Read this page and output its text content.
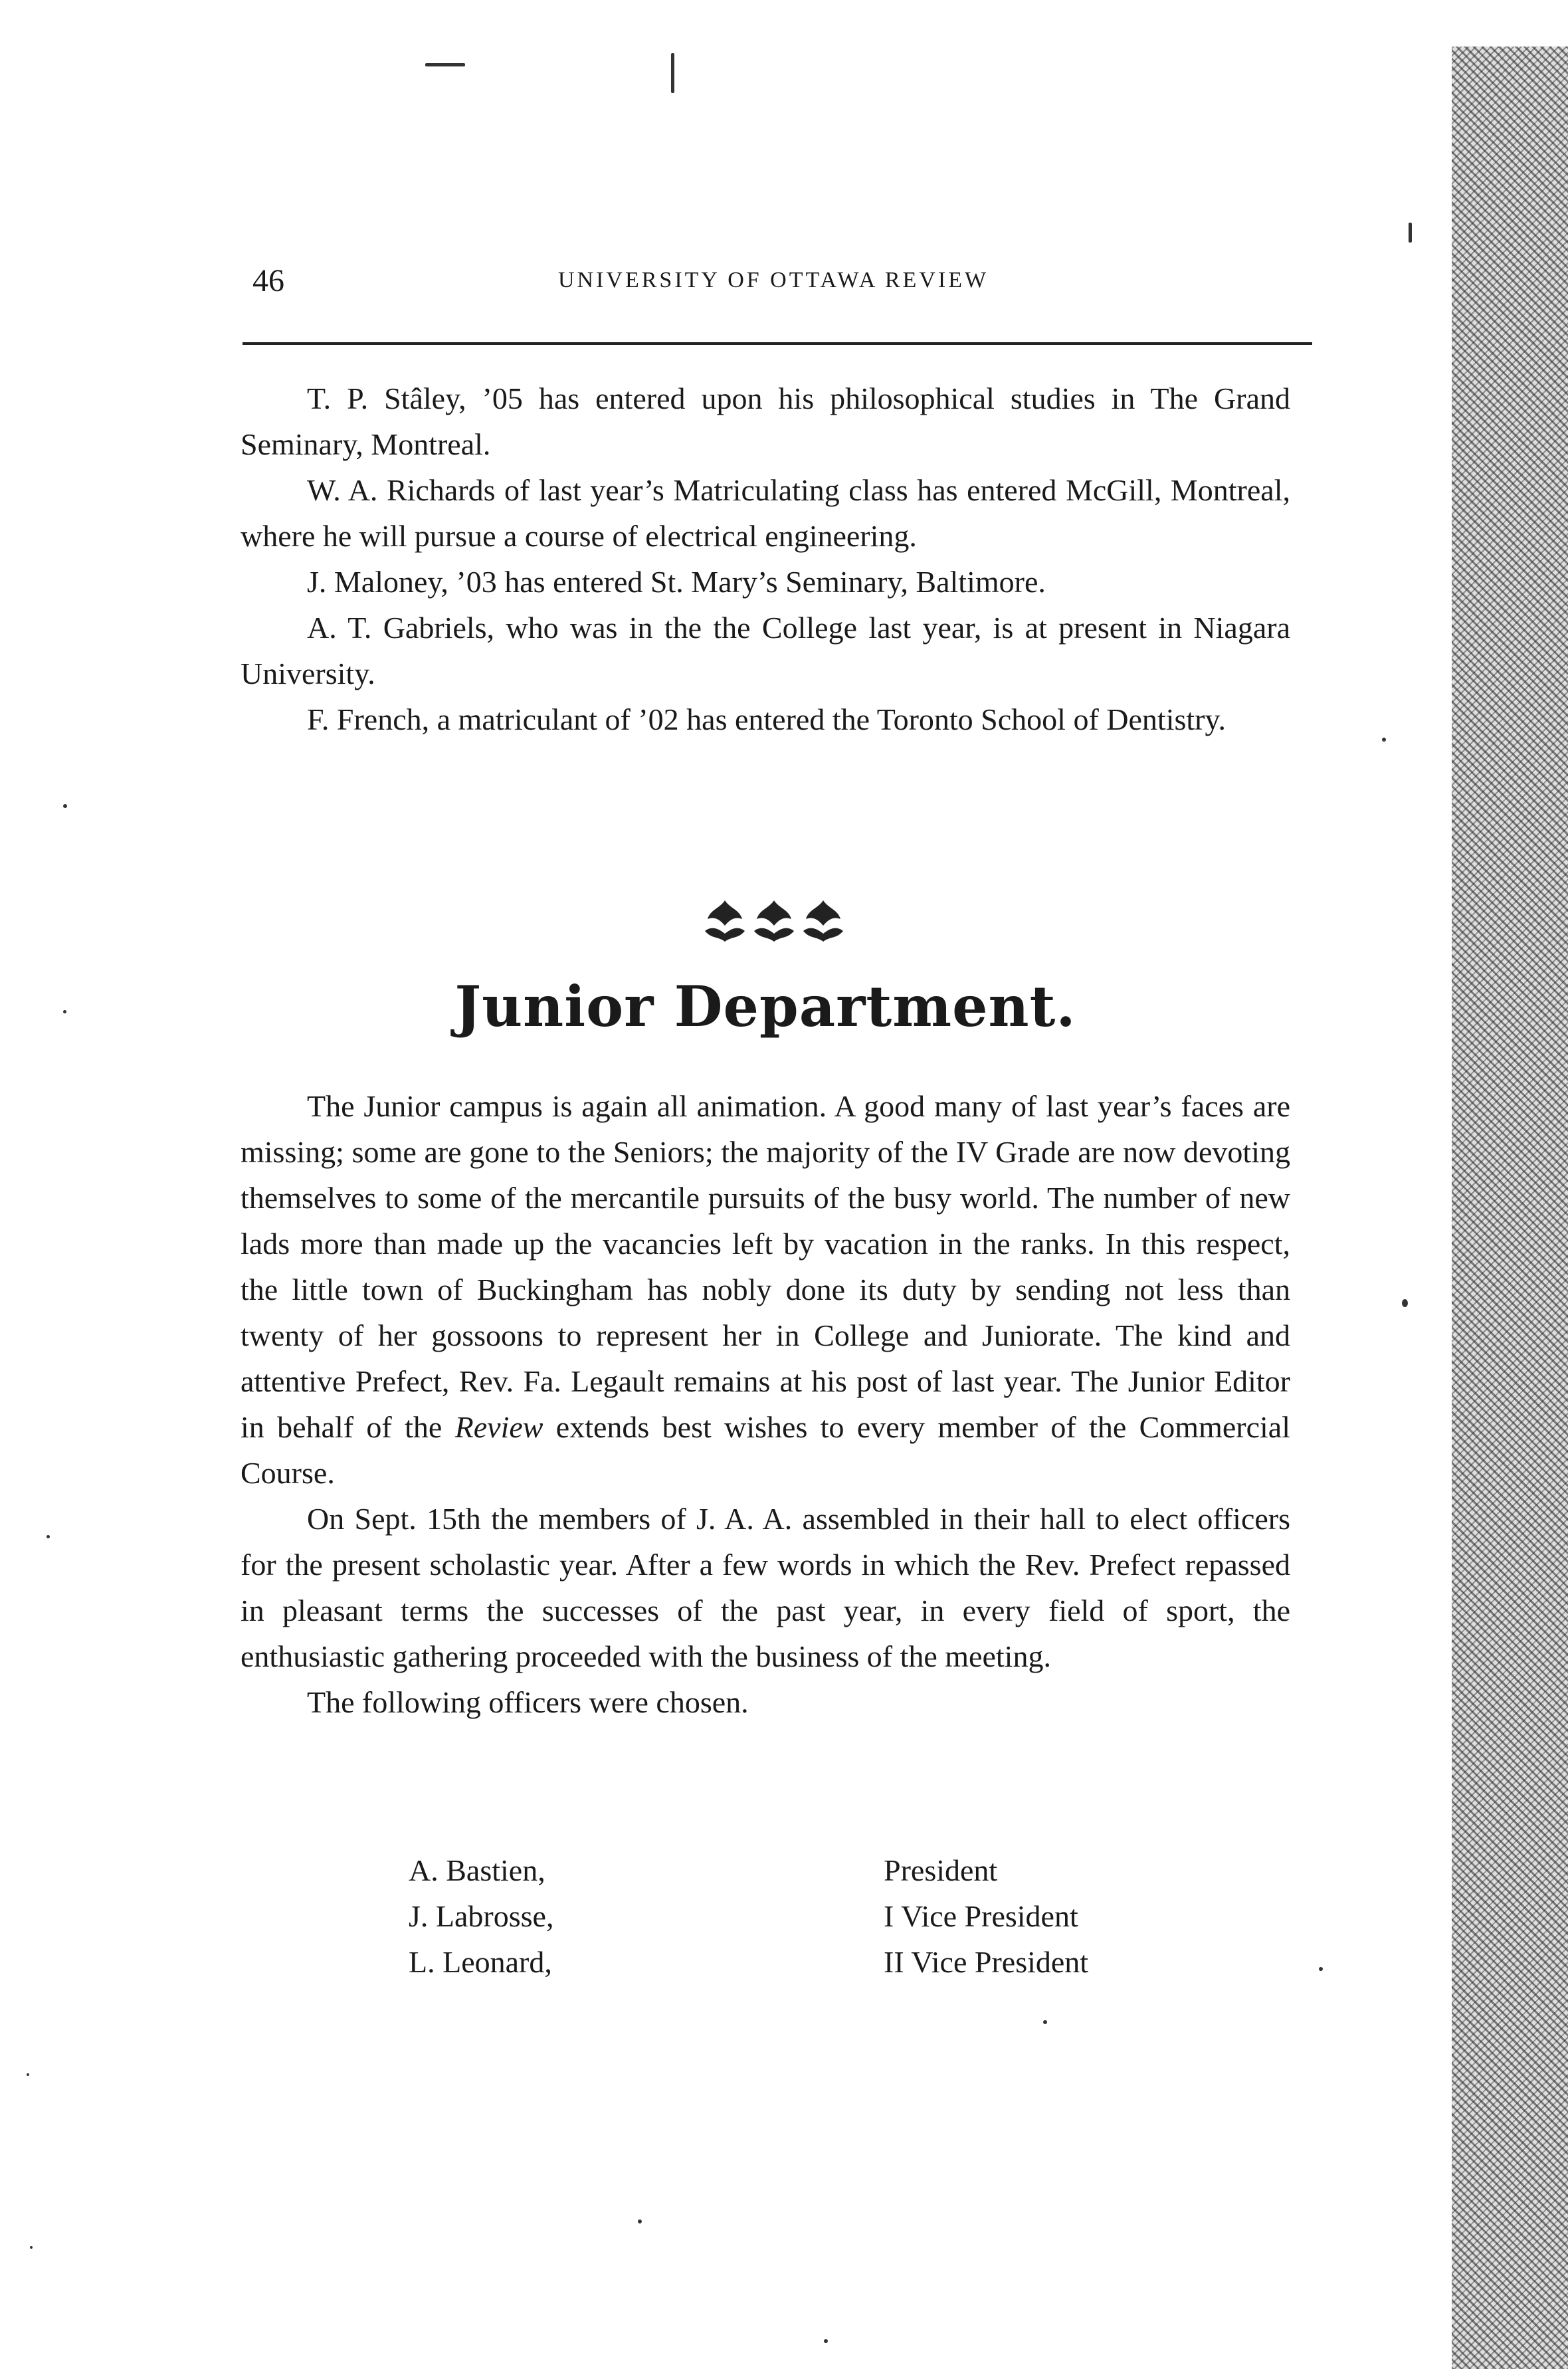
46	UNIVERSITY OF OTTAWA REVIEW

T. P. Stâley, ’05 has entered upon his philosophical studies in The Grand Seminary, Montreal.

W. A. Richards of last year’s Matriculating class has entered McGill, Montreal, where he will pursue a course of electrical engineering.

J. Maloney, ’03 has entered St. Mary’s Seminary, Baltimore.

A. T. Gabriels, who was in the the College last year, is at present in Niagara University.

F. French, a matriculant of ’02 has entered the Toronto School of Dentistry.

Junior Department.

The Junior campus is again all animation. A good many of last year’s faces are missing; some are gone to the Seniors; the majority of the IV Grade are now devoting themselves to some of the mercantile pursuits of the busy world. The number of new lads more than made up the vacancies left by vacation in the ranks. In this respect, the little town of Buckingham has nobly done its duty by sending not less than twenty of her gossoons to represent her in College and Juniorate. The kind and attentive Prefect, Rev. Fa. Legault remains at his post of last year. The Junior Editor in behalf of the Review extends best wishes to every member of the Commercial Course.

On Sept. 15th the members of J. A. A. assembled in their hall to elect officers for the present scholastic year. After a few words in which the Rev. Prefect repassed in pleasant terms the successes of the past year, in every field of sport, the enthusiastic gathering proceeded with the business of the meeting.

The following officers were chosen.

A. Bastien,	President
J. Labrosse,	I Vice President
L. Leonard,	II Vice President
